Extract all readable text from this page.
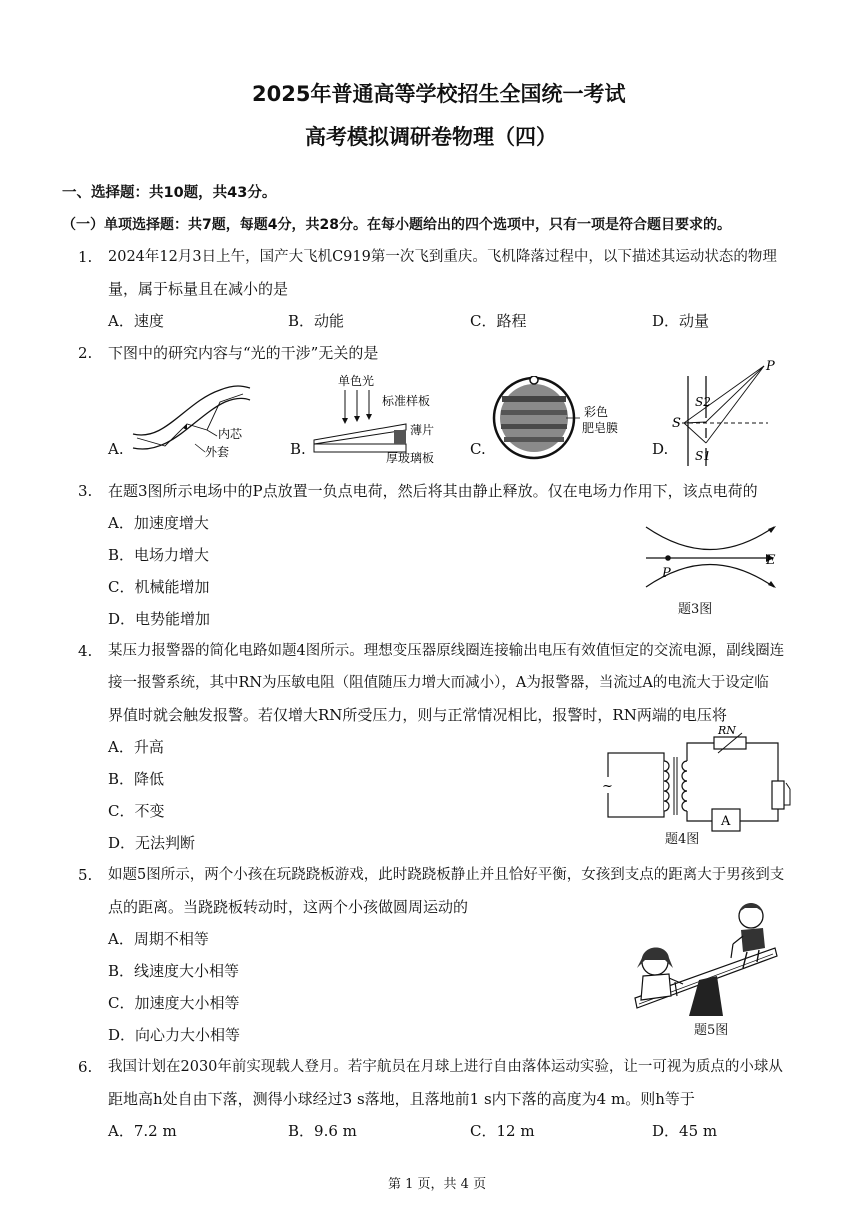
2025年普通高等学校招生全国统一考试
高考模拟调研卷物理（四）
一、选择题：共10题，共43分。
（一）单项选择题：共7题，每题4分，共28分。在每小题给出的四个选项中，只有一项是符合题目要求的。
1. 2024年12月3日上午，国产大飞机C919第一次飞到重庆。飞机降落过程中，以下描述其运动状态的物理
量，属于标量且在减小的是
A．速度	B．动能	C．路程	D．动量
2. 下图中的研究内容与“光的干涉”无关的是
A.
内芯
外套	B.
单色光
标准样板
薄片
厚玻璃板 C.
彩色
肥皂膜
D.
P
S
S2
S1
3. 在题3图所示电场中的P点放置一负点电荷，然后将其由静止释放。仅在电场力作用下，该点电荷的
A．加速度增大
B．电场力增大
C．机械能增加
D．电势能增加
P
E
题3图
4. 某压力报警器的简化电路如题4图所示。理想变压器原线圈连接输出电压有效值恒定的交流电源，副线圈连
接一报警系统，其中RN为压敏电阻（阻值随压力增大而减小），A为报警器，当流过A的电流大于设定临
界值时就会触发报警。若仅增大RN所受压力，则与正常情况相比，报警时，RN两端的电压将
A．升高
B．降低
C．不变
D．无法判断
~
A
RN
题4图
5. 如题5图所示，两个小孩在玩跷跷板游戏，此时跷跷板静止并且恰好平衡，女孩到支点的距离大于男孩到支
点的距离。当跷跷板转动时，这两个小孩做圆周运动的
A．周期不相等
B．线速度大小相等
C．加速度大小相等
D．向心力大小相等	题5图
6. 我国计划在2030年前实现载人登月。若宇航员在月球上进行自由落体运动实验，让一可视为质点的小球从
距地高h处自由下落，测得小球经过3 s落地，且落地前1 s内下落的高度为4 m。则h等于
A．7.2 m	B．9.6 m	C．12 m	D．45 m
第 1 页，共 4 页
